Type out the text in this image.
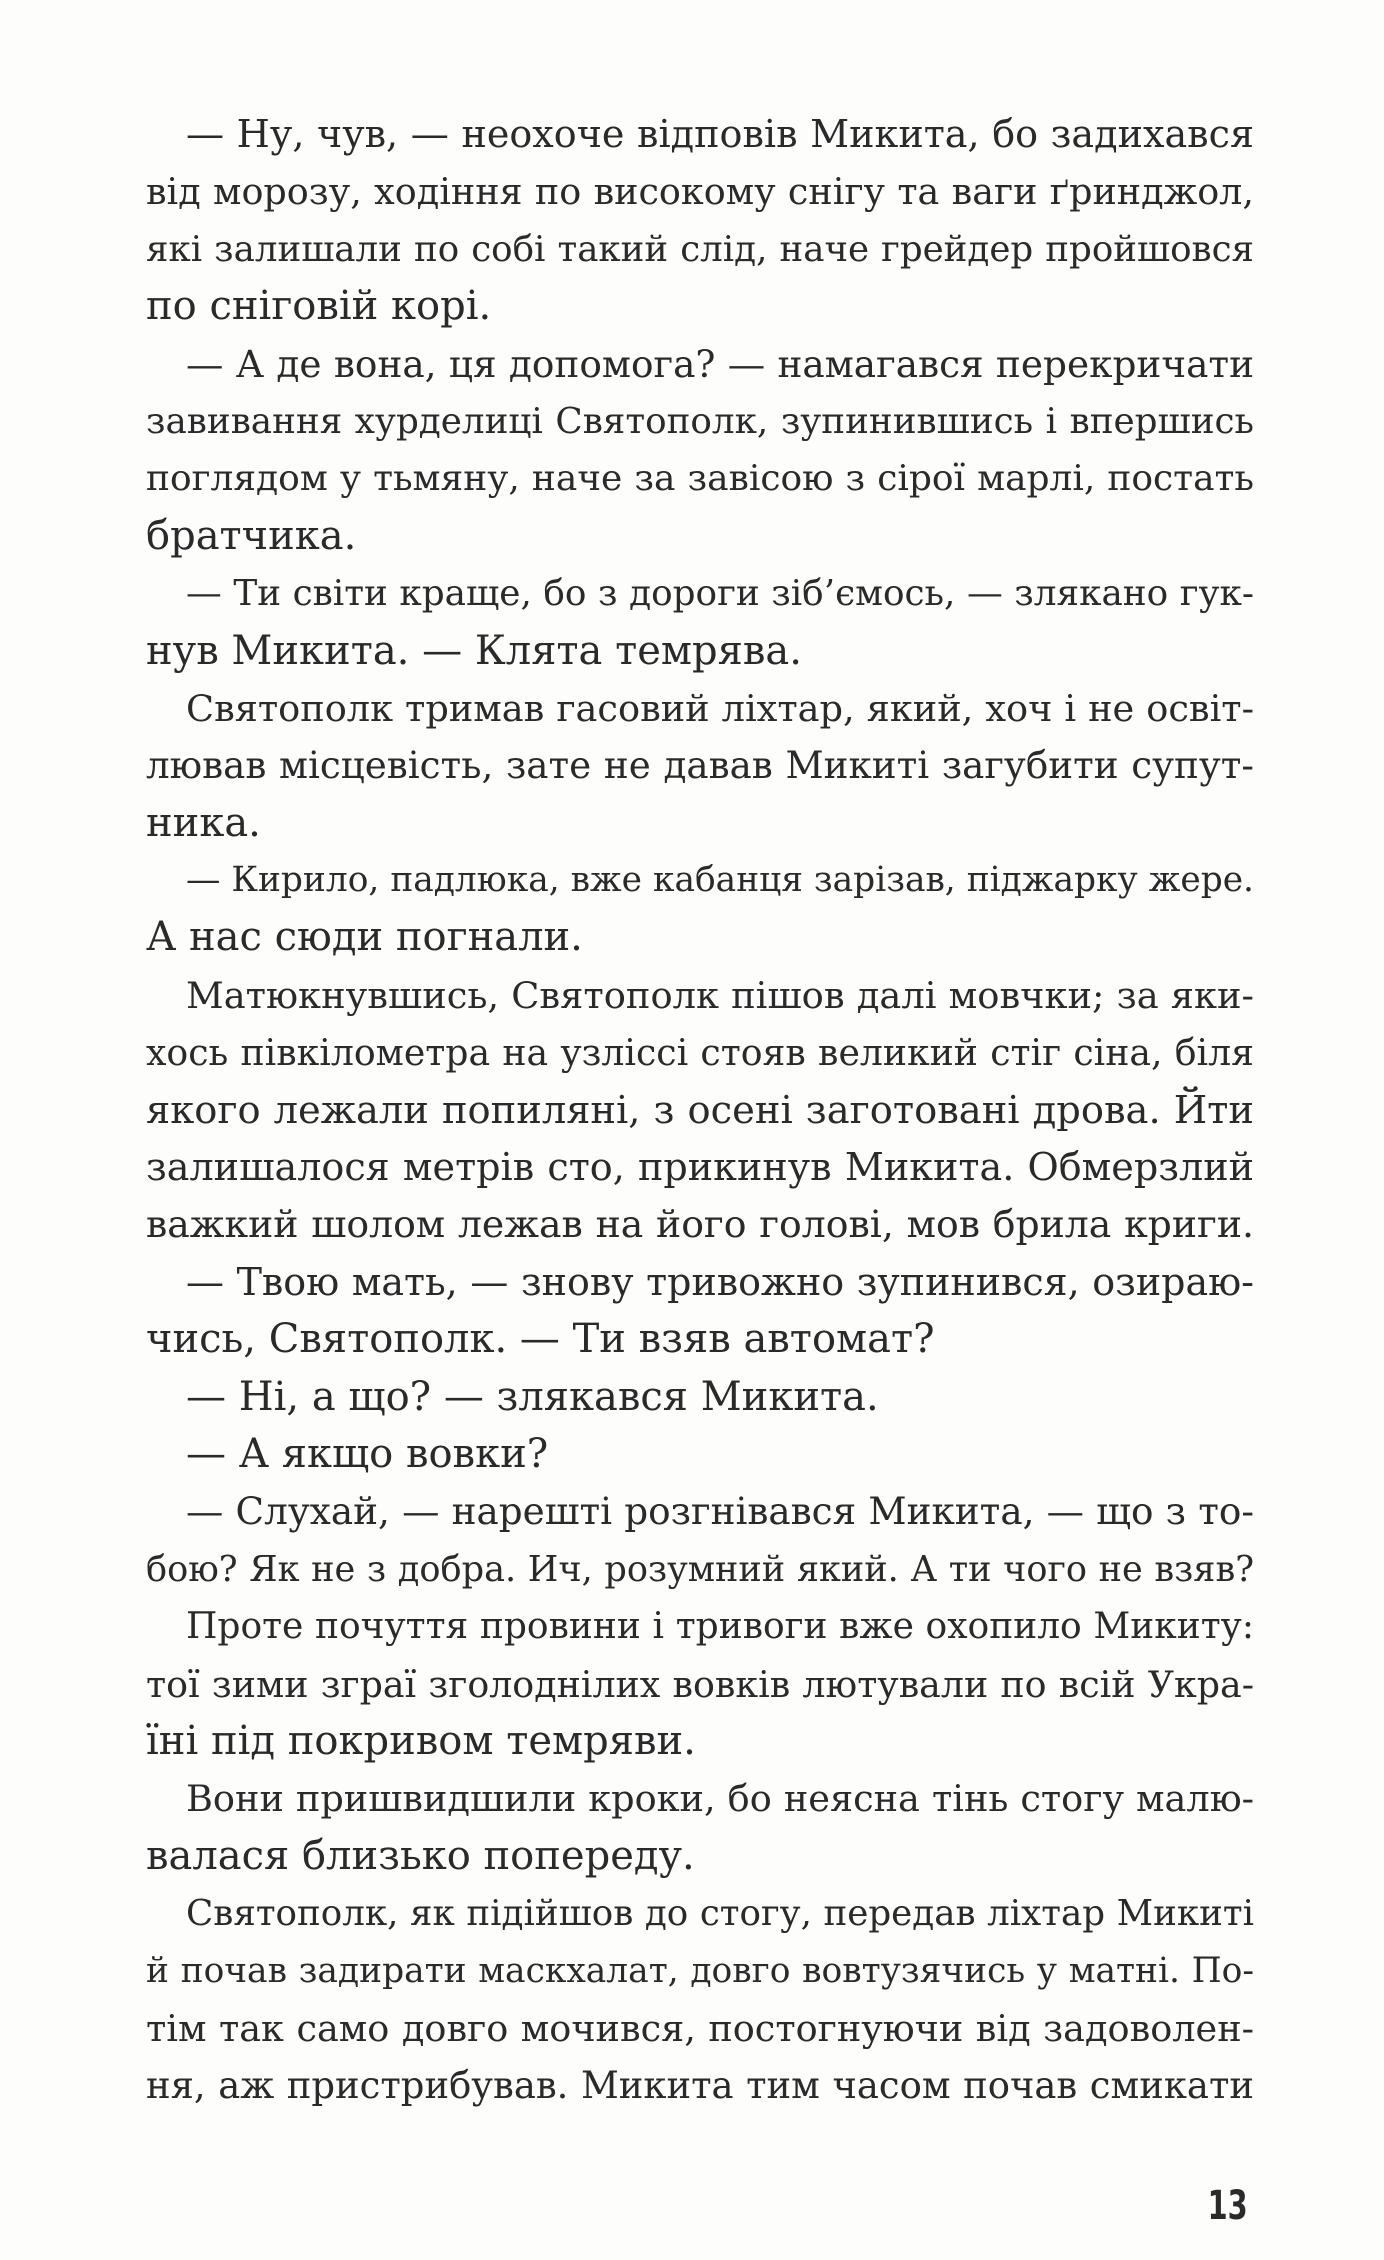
— Ну, чув, — неохоче відповів Микита, бо задихався
від морозу, ходіння по високому снігу та ваги ґринджол,
які залишали по собі такий слід, наче грейдер пройшовся
по сніговій корі.
— А де вона, ця допомога? — намагався перекричати
завивання хурделиці Святополк, зупинившись і впершись
поглядом у тьмяну, наче за завісою з сірої марлі, постать
братчика.
— Ти світи краще, бо з дороги зіб’ємось, — злякано гук-
нув Микита. — Клята темрява.
Святополк тримав гасовий ліхтар, який, хоч і не освіт-
лював місцевість, зате не давав Микиті загубити супут-
ника.
— Кирило, падлюка, вже кабанця зарізав, піджарку жере.
А нас сюди погнали.
Матюкнувшись, Святополк пішов далі мовчки; за яки-
хось півкілометра на узліссі стояв великий стіг сіна, біля
якого лежали попиляні, з осені заготовані дрова. Йти
залишалося метрів сто, прикинув Микита. Обмерзлий
важкий шолом лежав на його голові, мов брила криги.
— Твою мать, — знову тривожно зупинився, озираю-
чись, Святополк. — Ти взяв автомат?
— Ні, а що? — злякався Микита.
— А якщо вовки?
— Слухай, — нарешті розгнівався Микита, — що з то-
бою? Як не з добра. Ич, розумний який. А ти чого не взяв?
Проте почуття провини і тривоги вже охопило Микиту:
тої зими зграї зголоднілих вовків лютували по всій Укра-
їні під покривом темряви.
Вони пришвидшили кроки, бо неясна тінь стогу малю-
валася близько попереду.
Святополк, як підійшов до стогу, передав ліхтар Микиті
й почав задирати маскхалат, довго вовтузячись у матні. По-
тім так само довго мочився, постогнуючи від задоволен-
ня, аж пристрибував. Микита тим часом почав смикати
13
